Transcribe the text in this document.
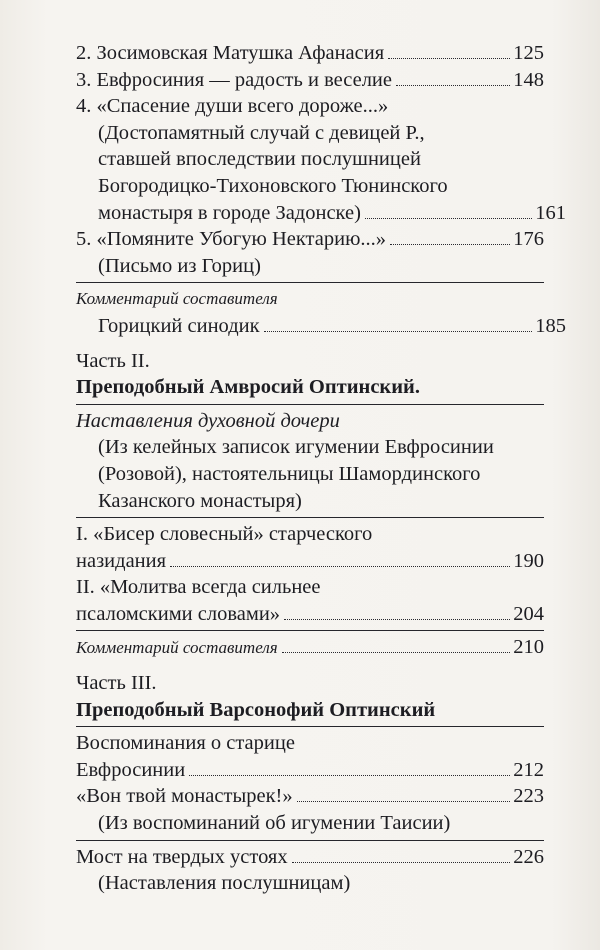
2. Зосимовская Матушка Афанасия	125
3. Евфросиния — радость и веселие	148
4. «Спасение души всего дороже...»
(Достопамятный случай с девицей Р.,
ставшей впоследствии послушницей
Богородицко-Тихоновского Тюнинского
монастыря в городе Задонске)	161
5. «Помяните Убогую Нектарию...»	176
(Письмо из Гориц)
Комментарий составителя
Горицкий синодик	185
Часть II.
Преподобный Амвросий Оптинский.
Наставления духовной дочери
(Из келейных записок игумении Евфросинии
(Розовой), настоятельницы Шамординского
Казанского монастыря)
I. «Бисер словесный» старческого
назидания	190
II. «Молитва всегда сильнее
псаломскими словами»	204
Комментарий составителя	210
Часть III.
Преподобный Варсонофий Оптинский
Воспоминания о старице
Евфросинии	212
«Вон твой монастырек!»	223
(Из воспоминаний об игумении Таисии)
Мост на твердых устоях	226
(Наставления послушницам)
